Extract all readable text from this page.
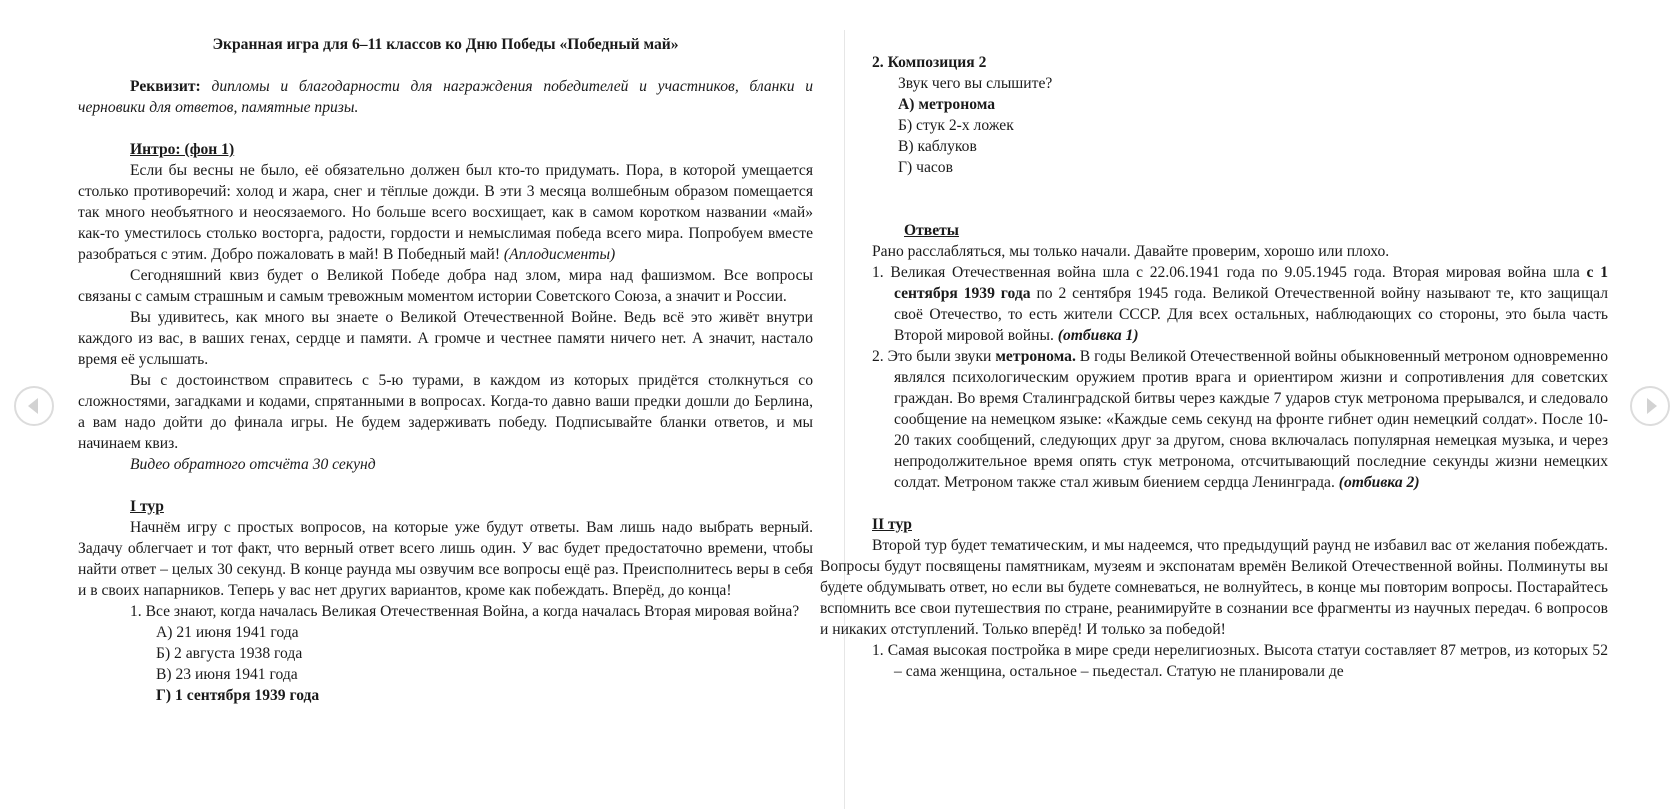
Экранная игра для 6–11 классов ко Дню Победы «Победный май»

Реквизит: дипломы и благодарности для награждения победителей и участников, бланки и черновики для ответов, памятные призы.

Интро: (фон 1)

Если бы весны не было, её обязательно должен был кто-то придумать. Пора, в которой умещается столько противоречий: холод и жара, снег и тёплые дожди. В эти 3 месяца волшебным образом помещается так много необъятного и неосязаемого. Но больше всего восхищает, как в самом коротком названии «май» как-то уместилось столько восторга, радости, гордости и немыслимая победа всего мира. Попробуем вместе разобраться с этим. Добро пожаловать в май! В Победный май! (Аплодисменты)

Сегодняшний квиз будет о Великой Победе добра над злом, мира над фашизмом. Все вопросы связаны с самым страшным и самым тревожным моментом истории Советского Союза, а значит и России.

Вы удивитесь, как много вы знаете о Великой Отечественной Войне. Ведь всё это живёт внутри каждого из вас, в ваших генах, сердце и памяти. А громче и честнее памяти ничего нет. А значит, настало время её услышать.

Вы с достоинством справитесь с 5-ю турами, в каждом из которых придётся столкнуться со сложностями, загадками и кодами, спрятанными в вопросах. Когда-то давно ваши предки дошли до Берлина, а вам надо дойти до финала игры. Не будем задерживать победу. Подписывайте бланки ответов, и мы начинаем квиз.

Видео обратного отсчёта 30 секунд

I тур

Начнём игру с простых вопросов, на которые уже будут ответы. Вам лишь надо выбрать верный. Задачу облегчает и тот факт, что верный ответ всего лишь один. У вас будет предостаточно времени, чтобы найти ответ – целых 30 секунд. В конце раунда мы озвучим все вопросы ещё раз. Преисполнитесь веры в себя и в своих напарников. Теперь у вас нет других вариантов, кроме как побеждать. Вперёд, до конца!

1. Все знают, когда началась Великая Отечественная Война, а когда началась Вторая мировая война?

А) 21 июня 1941 года

Б) 2 августа 1938 года

В) 23 июня 1941 года

Г) 1 сентября 1939 года

2. Композиция 2

Звук чего вы слышите?

А) метронома

Б) стук 2-х ложек

В) каблуков

Г) часов

Ответы

Рано расслабляться, мы только начали. Давайте проверим, хорошо или плохо.

1. Великая Отечественная война шла с 22.06.1941 года по 9.05.1945 года. Вторая мировая война шла с 1 сентября 1939 года по 2 сентября 1945 года. Великой Отечественной войну называют те, кто защищал своё Отечество, то есть жители СССР. Для всех остальных, наблюдающих со стороны, это была часть Второй мировой войны. (отбивка 1)

2. Это были звуки метронома. В годы Великой Отечественной войны обыкновенный метроном одновременно являлся психологическим оружием против врага и ориентиром жизни и сопротивления для советских граждан. Во время Сталинградской битвы через каждые 7 ударов стук метронома прерывался, и следовало сообщение на немецком языке: «Каждые семь секунд на фронте гибнет один немецкий солдат». После 10-20 таких сообщений, следующих друг за другом, снова включалась популярная немецкая музыка, и через непродолжительное время опять стук метронома, отсчитывающий последние секунды жизни немецких солдат. Метроном также стал живым биением сердца Ленинграда. (отбивка 2)

II тур

Второй тур будет тематическим, и мы надеемся, что предыдущий раунд не избавил вас от желания побеждать. Вопросы будут посвящены памятникам, музеям и экспонатам времён Великой Отечественной войны. Полминуты вы будете обдумывать ответ, но если вы будете сомневаться, не волнуйтесь, в конце мы повторим вопросы. Постарайтесь вспомнить все свои путешествия по стране, реанимируйте в сознании все фрагменты из научных передач. 6 вопросов и никаких отступлений. Только вперёд! И только за победой!

1. Самая высокая постройка в мире среди нерелигиозных. Высота статуи составляет 87 метров, из которых 52 – сама женщина, остальное – пьедестал. Статую не планировали де
